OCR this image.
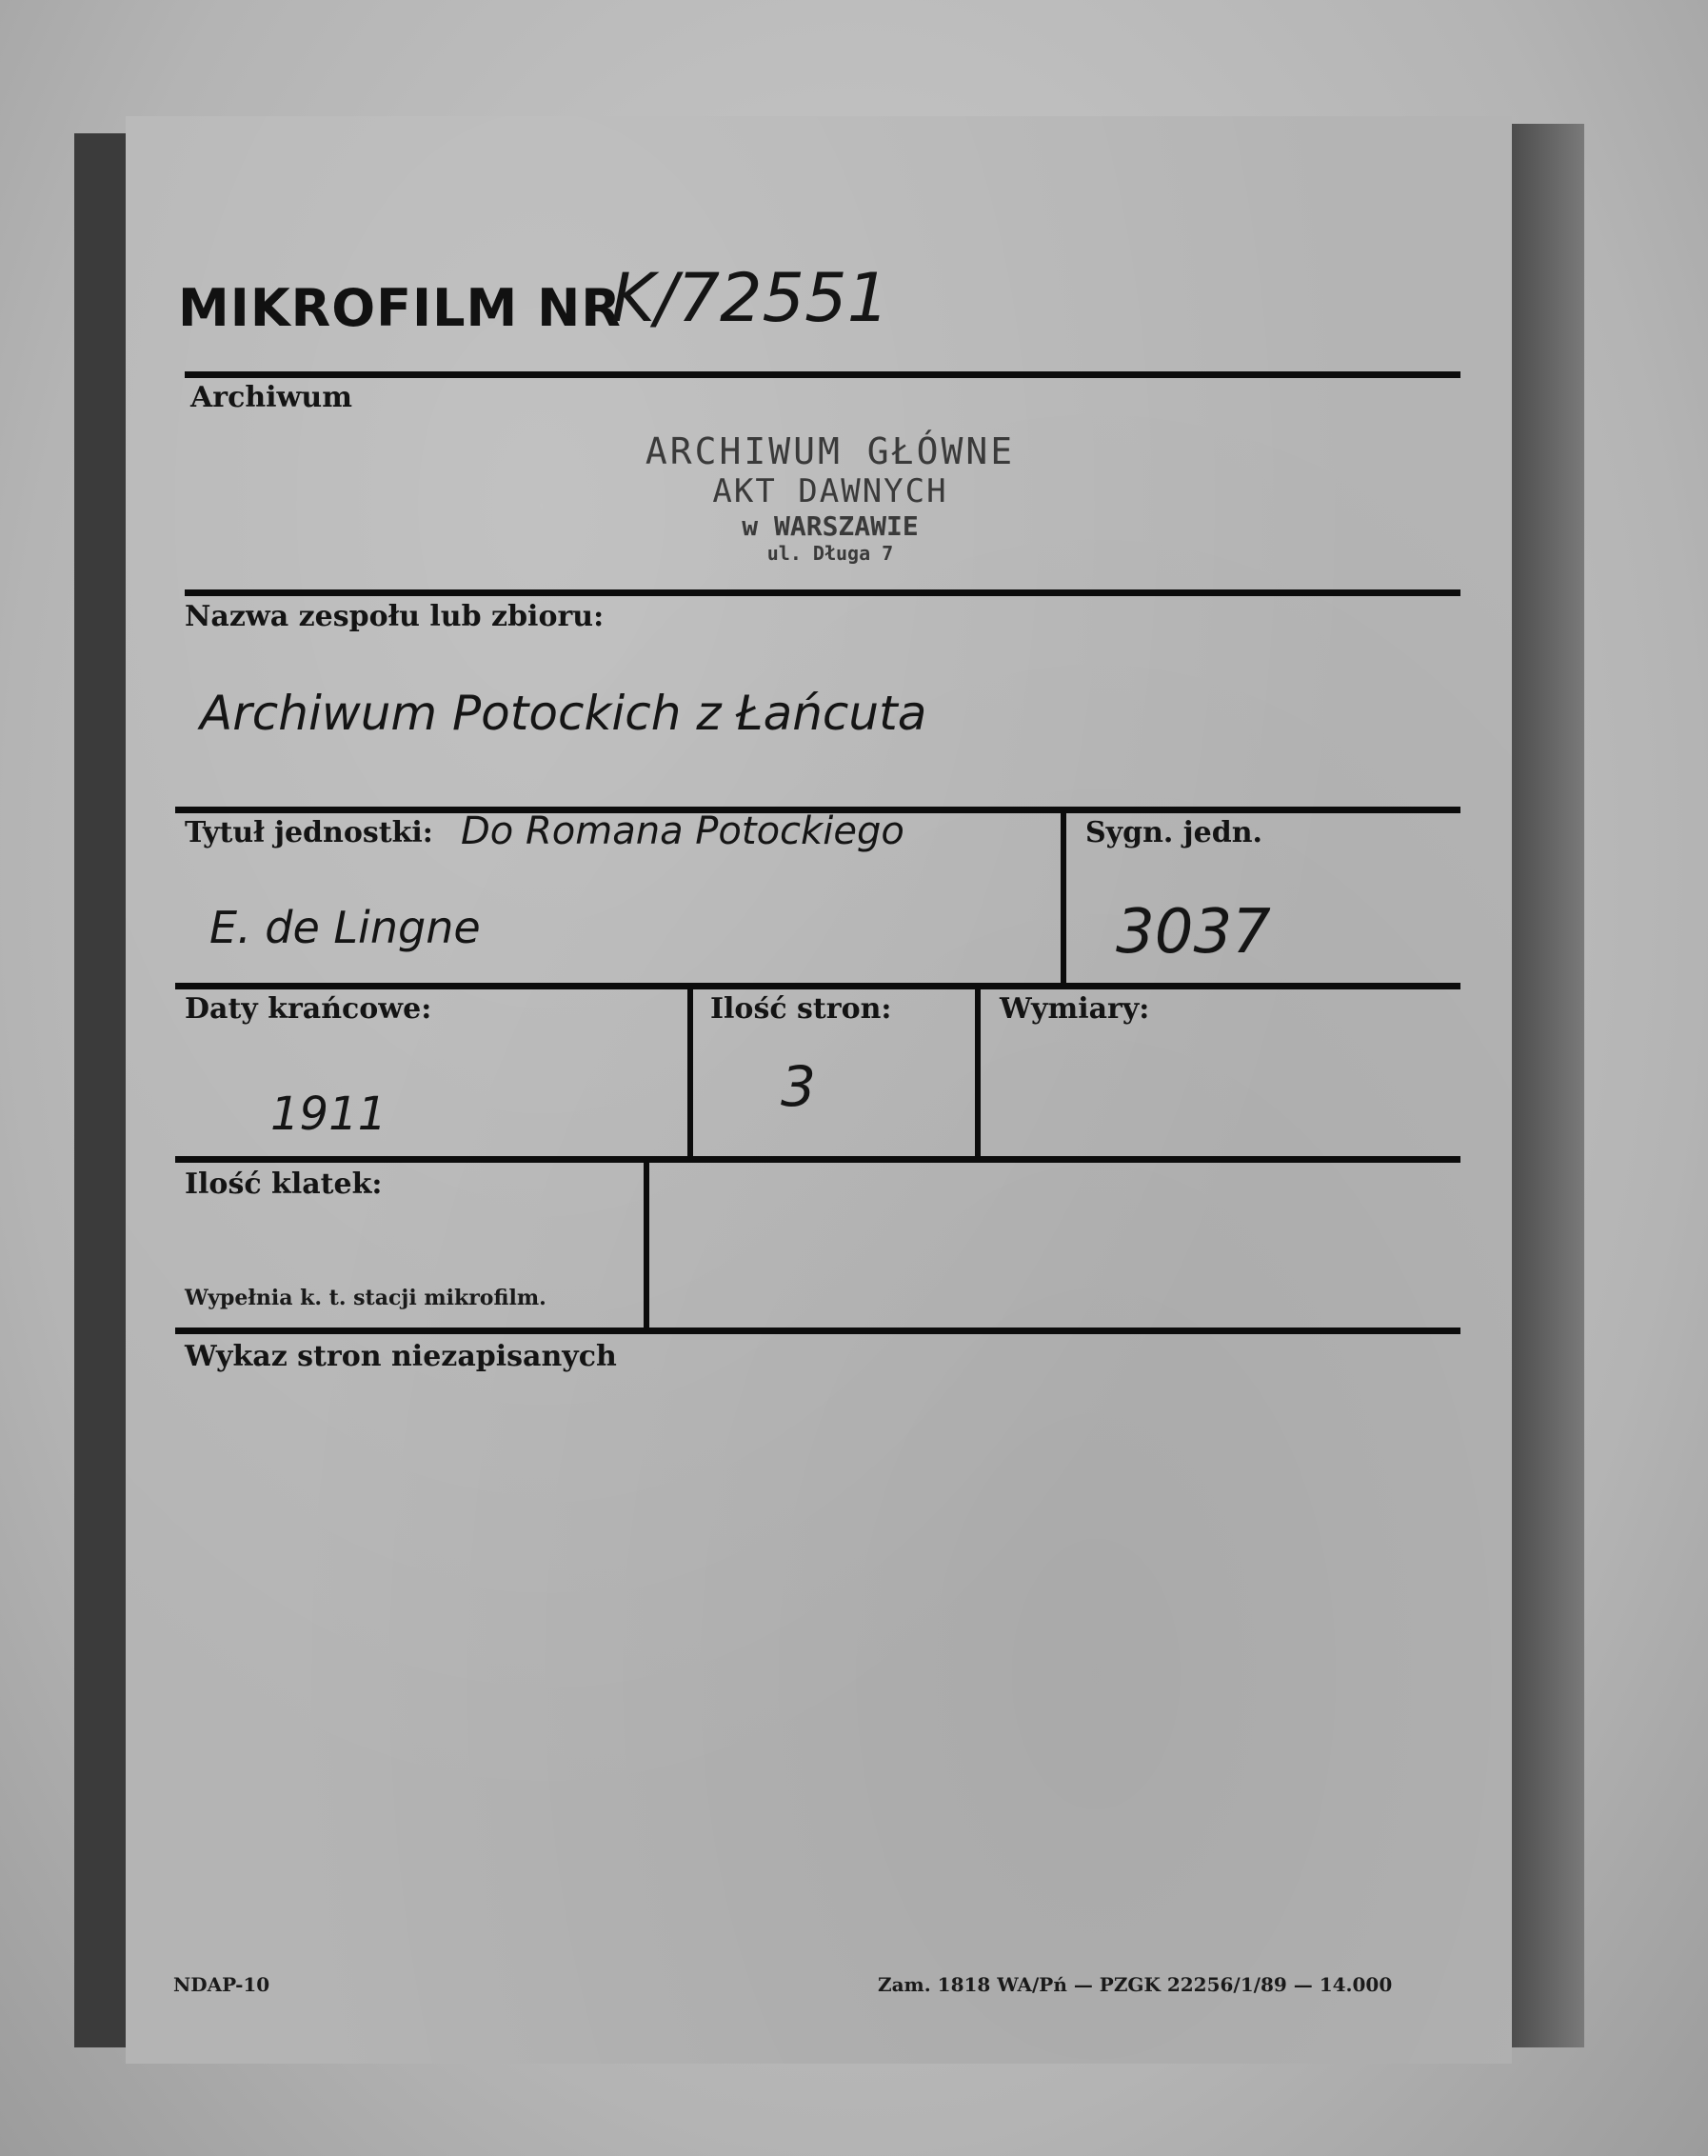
MIKROFILM NR
K/72551
Archiwum
ARCHIWUM GŁÓWNE
AKT DAWNYCH
w WARSZAWIE
ul. Długa 7
Nazwa zespołu lub zbioru:
Archiwum Potockich z Łańcuta
Tytuł jednostki: Do Romana Potockiego
E. de Lingne
Sygn. jedn.
3037
Daty krańcowe:
1911
Ilość stron:
3
Wymiary:
Ilość klatek:
Wypełnia k. t. stacji mikrofilm.
Wykaz stron niezapisanych
NDAP-10	Zam. 1818 WA/Pń — PZGK 22256/1/89 — 14.000
